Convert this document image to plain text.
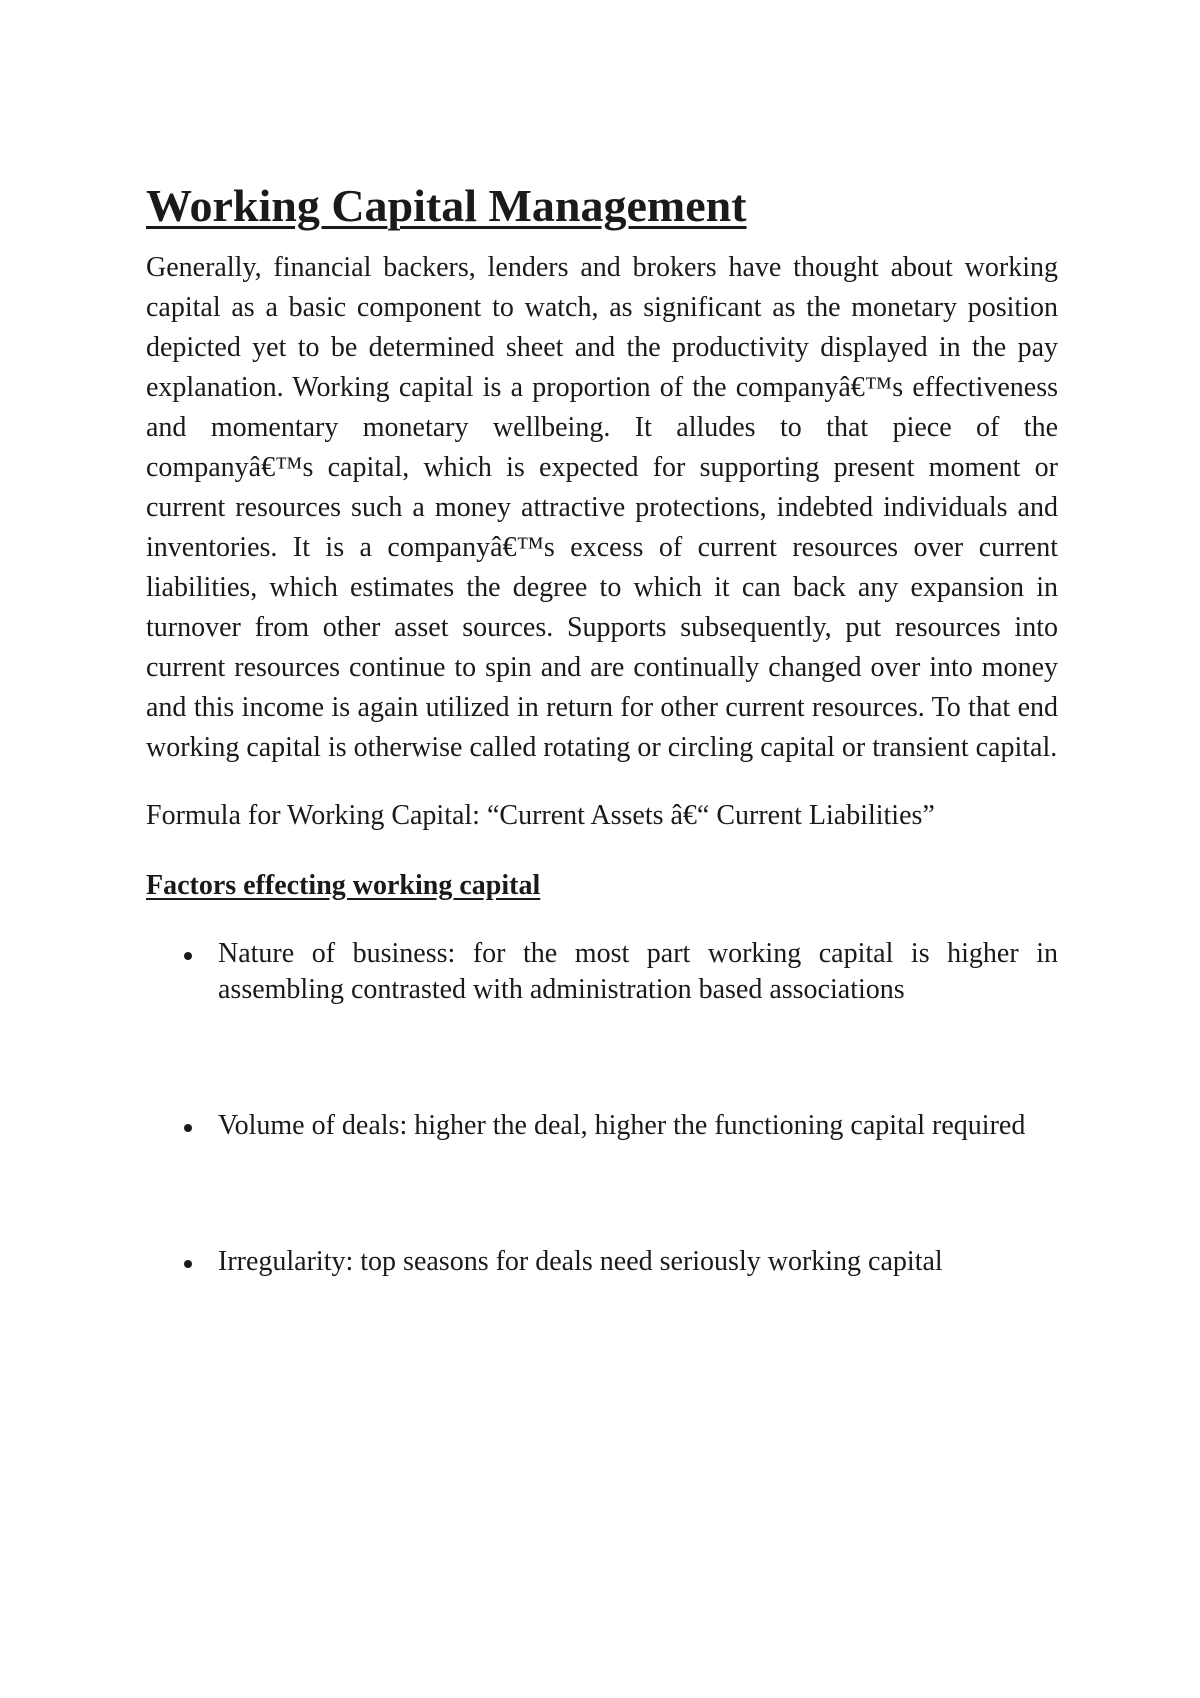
Working Capital Management

Generally, financial backers, lenders and brokers have thought about working capital as a basic component to watch, as significant as the monetary position depicted yet to be determined sheet and the productivity displayed in the pay explanation. Working capital is a proportion of the companyâ€™s effectiveness and momentary monetary wellbeing. It alludes to that piece of the companyâ€™s capital, which is expected for supporting present moment or current resources such a money attractive protections, indebted individuals and inventories. It is a companyâ€™s excess of current resources over current liabilities, which estimates the degree to which it can back any expansion in turnover from other asset sources. Supports subsequently, put resources into current resources continue to spin and are continually changed over into money and this income is again utilized in return for other current resources. To that end working capital is otherwise called rotating or circling capital or transient capital.

Formula for Working Capital: “Current Assets â€“ Current Liabilities”

Factors effecting working capital
Nature of business: for the most part working capital is higher in assembling contrasted with administration based associations
Volume of deals: higher the deal, higher the functioning capital required
Irregularity: top seasons for deals need seriously working capital
